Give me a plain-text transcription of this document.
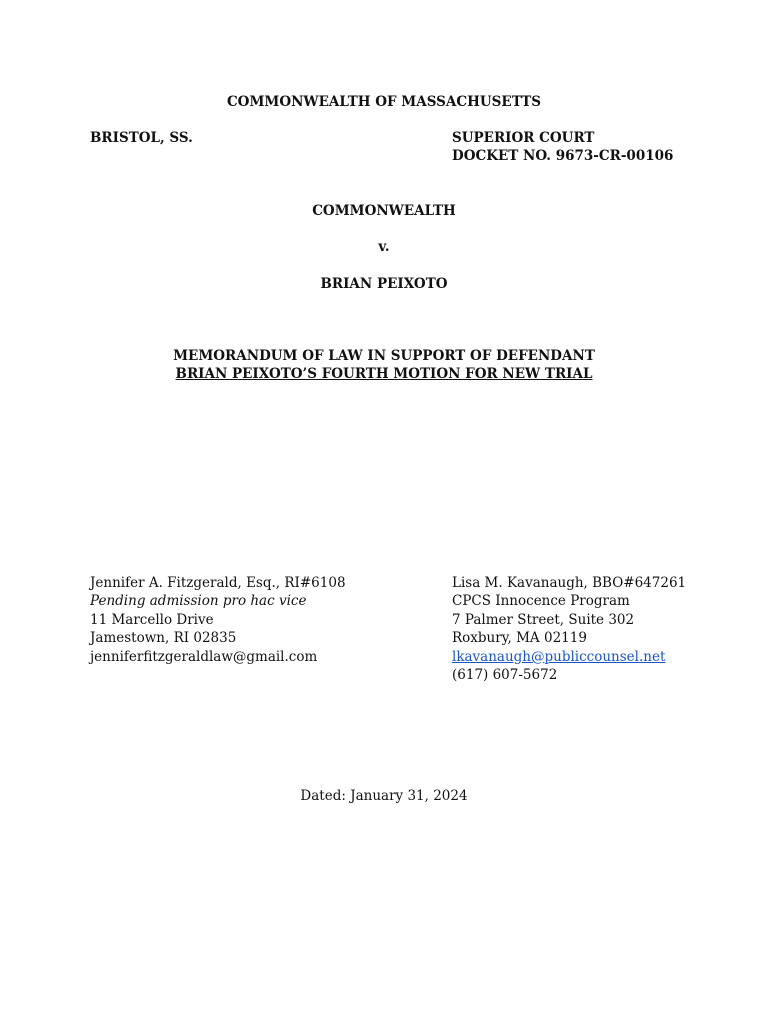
COMMONWEALTH OF MASSACHUSETTS
BRISTOL, SS.	SUPERIOR COURT
DOCKET NO. 9673-CR-00106
COMMONWEALTH
v.
BRIAN PEIXOTO
MEMORANDUM OF LAW IN SUPPORT OF DEFENDANT
BRIAN PEIXOTO’S FOURTH MOTION FOR NEW TRIAL
Jennifer A. Fitzgerald, Esq., RI#6108
Pending admission pro hac vice
11 Marcello Drive
Jamestown, RI 02835
jenniferfitzgeraldlaw@gmail.com
Lisa M. Kavanaugh, BBO#647261
CPCS Innocence Program
7 Palmer Street, Suite 302
Roxbury, MA 02119
lkavanaugh@publiccounsel.net
(617) 607-5672
Dated: January 31, 2024
